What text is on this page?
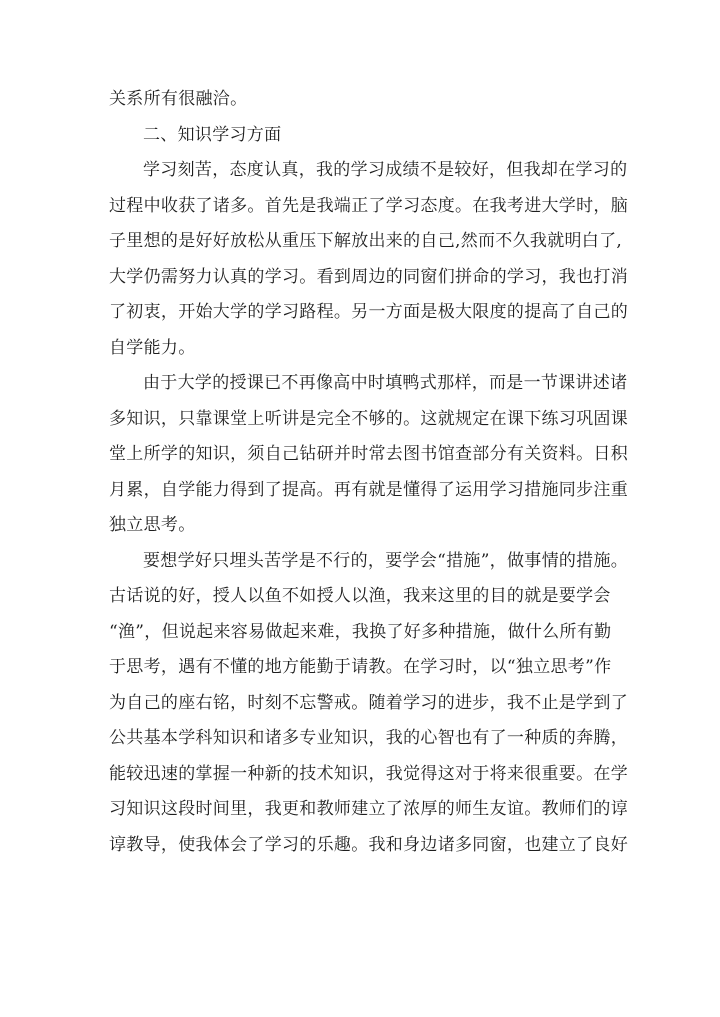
关系所有很融洽。

二、知识学习方面

学习刻苦，态度认真，我的学习成绩不是较好，但我却在学习的
过程中收获了诸多。首先是我端正了学习态度。在我考进大学时，脑
子里想的是好好放松从重压下解放出来的自己,然而不久我就明白了,
大学仍需努力认真的学习。看到周边的同窗们拼命的学习，我也打消
了初衷，开始大学的学习路程。另一方面是极大限度的提高了自己的
自学能力。

由于大学的授课已不再像高中时填鸭式那样，而是一节课讲述诸
多知识，只靠课堂上听讲是完全不够的。这就规定在课下练习巩固课
堂上所学的知识，须自己钻研并时常去图书馆查部分有关资料。日积
月累，自学能力得到了提高。再有就是懂得了运用学习措施同步注重
独立思考。

要想学好只埋头苦学是不行的，要学会“措施”，做事情的措施。
古话说的好，授人以鱼不如授人以渔，我来这里的目的就是要学会
“渔”，但说起来容易做起来难，我换了好多种措施，做什么所有勤
于思考，遇有不懂的地方能勤于请教。在学习时，以“独立思考”作
为自己的座右铭，时刻不忘警戒。随着学习的进步，我不止是学到了
公共基本学科知识和诸多专业知识，我的心智也有了一种质的奔腾，
能较迅速的掌握一种新的技术知识，我觉得这对于将来很重要。在学
习知识这段时间里，我更和教师建立了浓厚的师生友谊。教师们的谆
谆教导，使我体会了学习的乐趣。我和身边诸多同窗，也建立了良好
